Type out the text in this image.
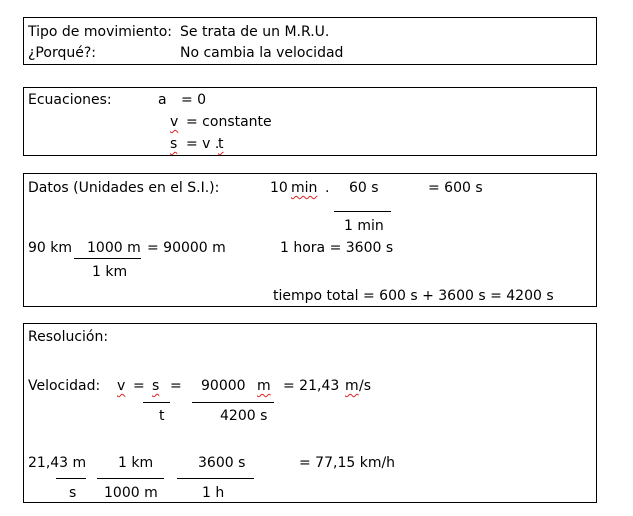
Tipo de movimiento: Se trata de un M.R.U.
¿Porqué?:	No cambia la velocidad
Ecuaciones:	a = 0
v = constante
s = v .
t
Datos (Unidades en el S.I.):	10 min . 60 s	= 600 s
1 min
90 km 1000 m
1 km
= 90000 m	1 hora = 3600 s
tiempo total = 600 s + 3600 s = 4200 s
Resolución:
Velocidad: v = s =
t
90000 m
4200 s
= 21,43 m /s
21,43 m
s
1 km
1000 m
3600 s
1 h
= 77,15 km/h
